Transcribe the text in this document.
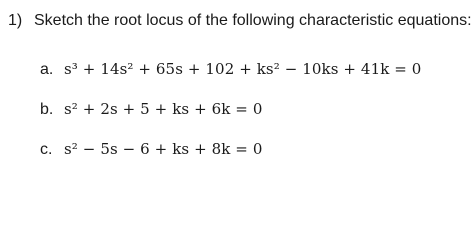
1) Sketch the root locus of the following characteristic equations:
a. s³ + 14s² + 65s + 102 + ks² − 10ks + 41k = 0
b. s² + 2s + 5 + ks + 6k = 0
c. s² − 5s − 6 + ks + 8k = 0
